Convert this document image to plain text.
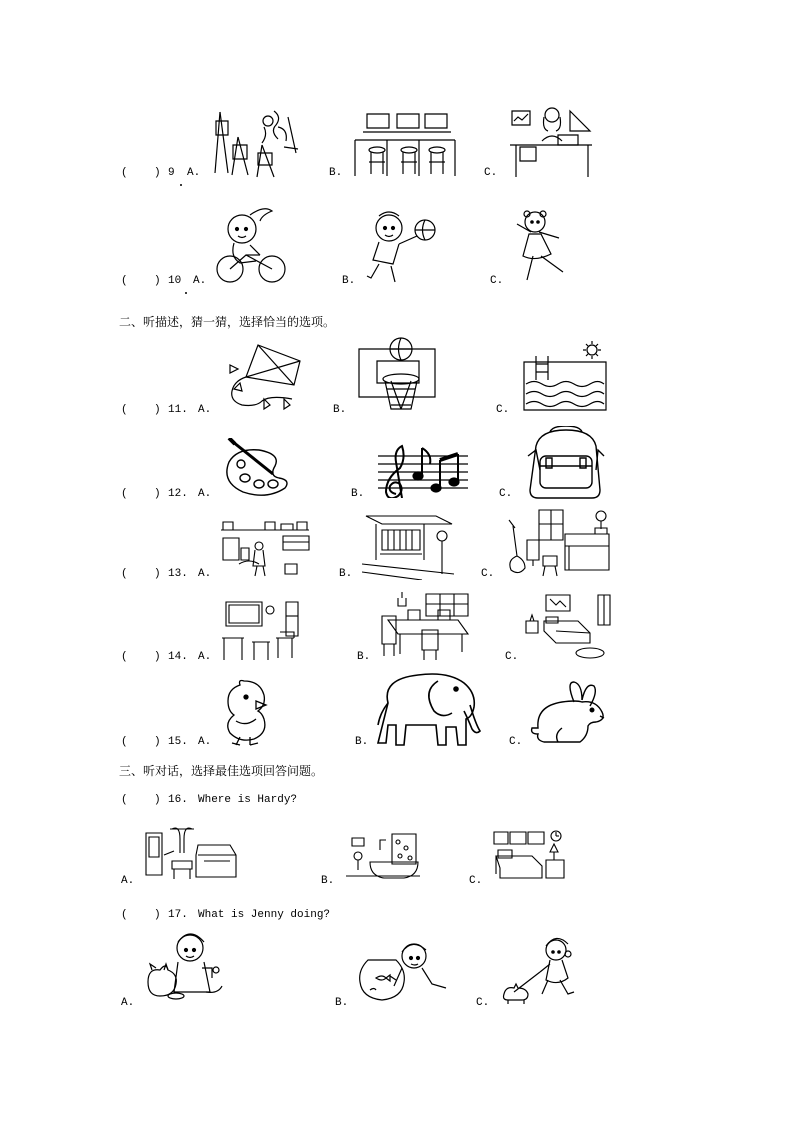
(    ) 9 A.	B.	C.
(    ) 10 A.	B.	C.
二、听描述，猜一猜，选择恰当的选项。
(    ) 11. A.	B.	C.
(    ) 12. A.	B.	C.
(    ) 13. A.	B.	C.
(    ) 14. A.	B.	C.
(    ) 15. A.	B.	C.
三、听对话，选择最佳选项回答问题。
(    ) 16. Where is Hardy?
A.	B.	C.
(    ) 17. What is Jenny doing?
A.	B.	C.
